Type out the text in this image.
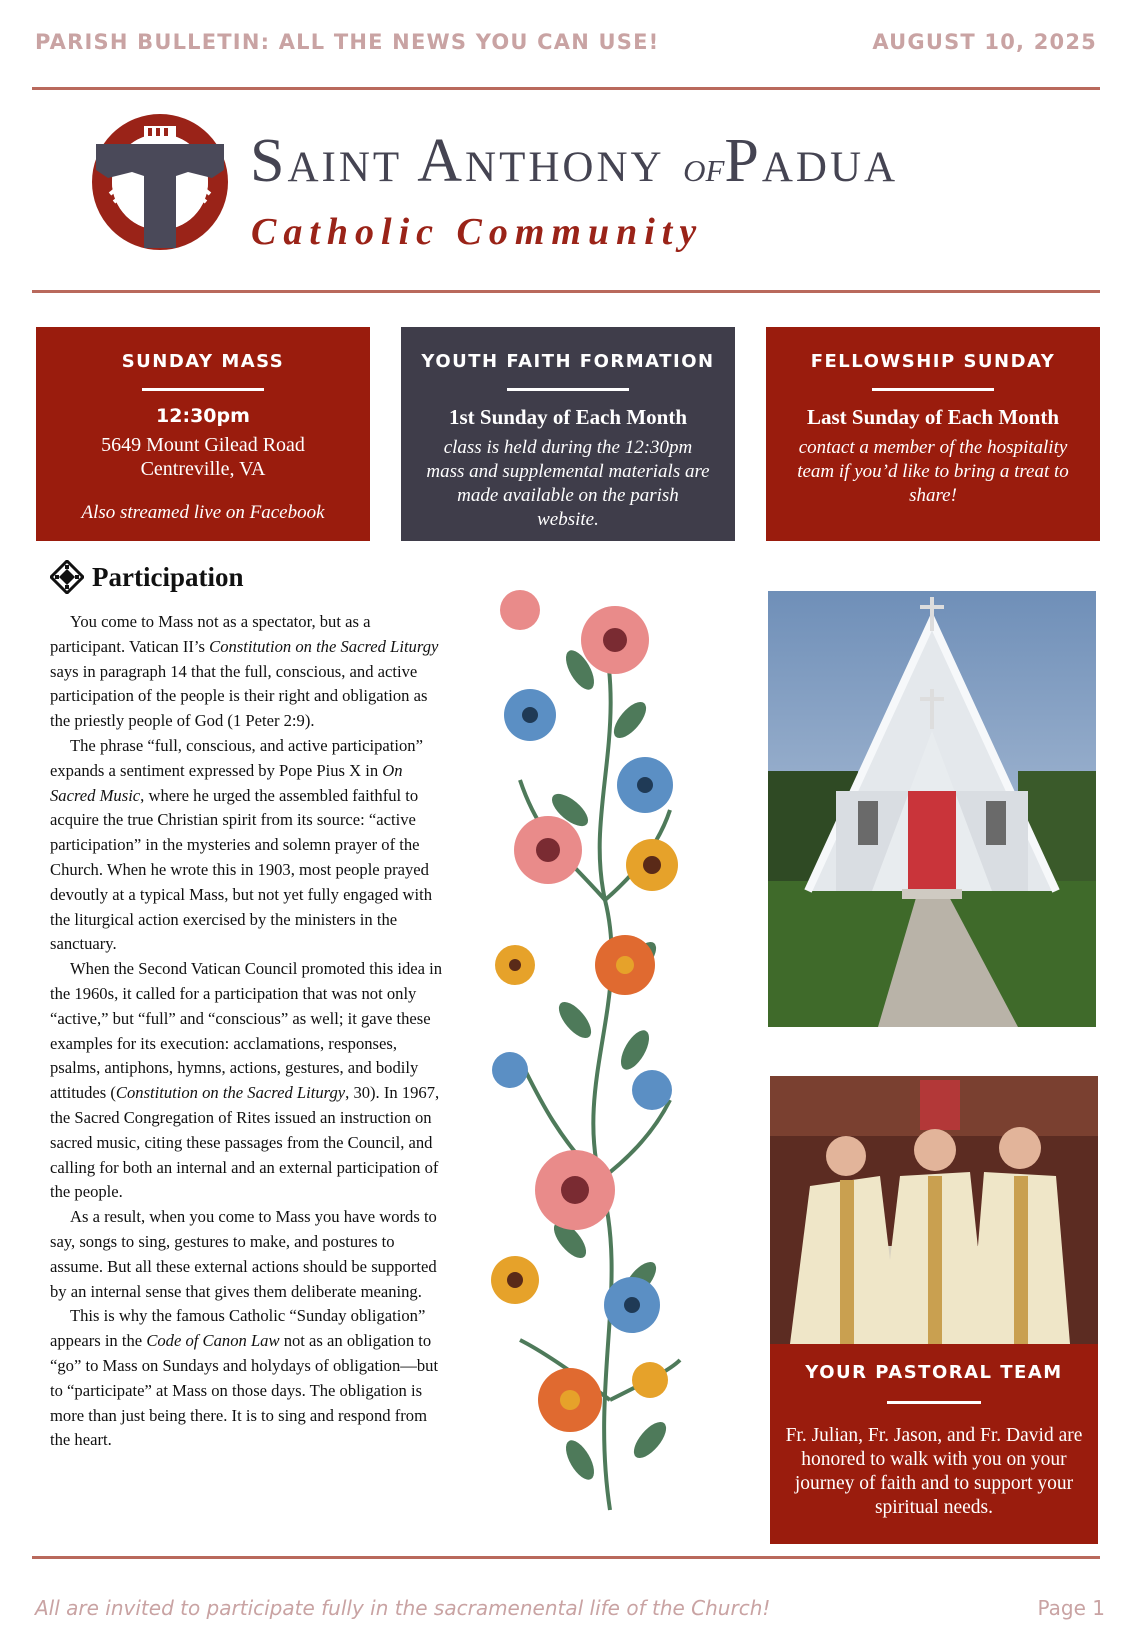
PARISH BULLETIN: ALL THE NEWS YOU CAN USE!	AUGUST 10, 2025
Saint Anthony ofPadua
Catholic Community
SUNDAY MASS
12:30pm
5649 Mount Gilead Road
Centreville, VA
Also streamed live on Facebook
YOUTH FAITH FORMATION
1st Sunday of Each Month
class is held during the 12:30pm mass and supplemental materials are made available on the parish website.
FELLOWSHIP SUNDAY
Last Sunday of Each Month
contact a member of the hospitality team if you’d like to bring a treat to share!
Participation

You come to Mass not as a spectator, but as a participant. Vatican II’s Constitution on the Sacred Liturgy says in paragraph 14 that the full, conscious, and active participation of the people is their right and obligation as the priestly people of God (1 Peter 2:9).

The phrase “full, conscious, and active participation” expands a sentiment expressed by Pope Pius X in On Sacred Music, where he urged the assembled faithful to acquire the true Christian spirit from its source: “active participation” in the mysteries and solemn prayer of the Church. When he wrote this in 1903, most people prayed devoutly at a typical Mass, but not yet fully engaged with the liturgical action exercised by the ministers in the sanctuary.

When the Second Vatican Council promoted this idea in the 1960s, it called for a participation that was not only “active,” but “full” and “conscious” as well; it gave these examples for its execution: acclamations, responses, psalms, antiphons, hymns, actions, gestures, and bodily attitudes (Constitution on the Sacred Liturgy, 30). In 1967, the Sacred Congregation of Rites issued an instruction on sacred music, citing these passages from the Council, and calling for both an internal and an external participation of the people.

As a result, when you come to Mass you have words to say, songs to sing, gestures to make, and postures to assume. But all these external actions should be supported by an internal sense that gives them deliberate meaning.

This is why the famous Catholic “Sunday obligation” appears in the Code of Canon Law not as an obligation to “go” to Mass on Sundays and holydays of obligation—but to “participate” at Mass on those days. The obligation is more than just being there. It is to sing and respond from the heart.

YOUR PASTORAL TEAM
Fr. Julian, Fr. Jason, and Fr. David are honored to walk with you on your journey of faith and to support your spiritual needs.
All are invited to participate fully in the sacramenental life of the Church!	Page 1
